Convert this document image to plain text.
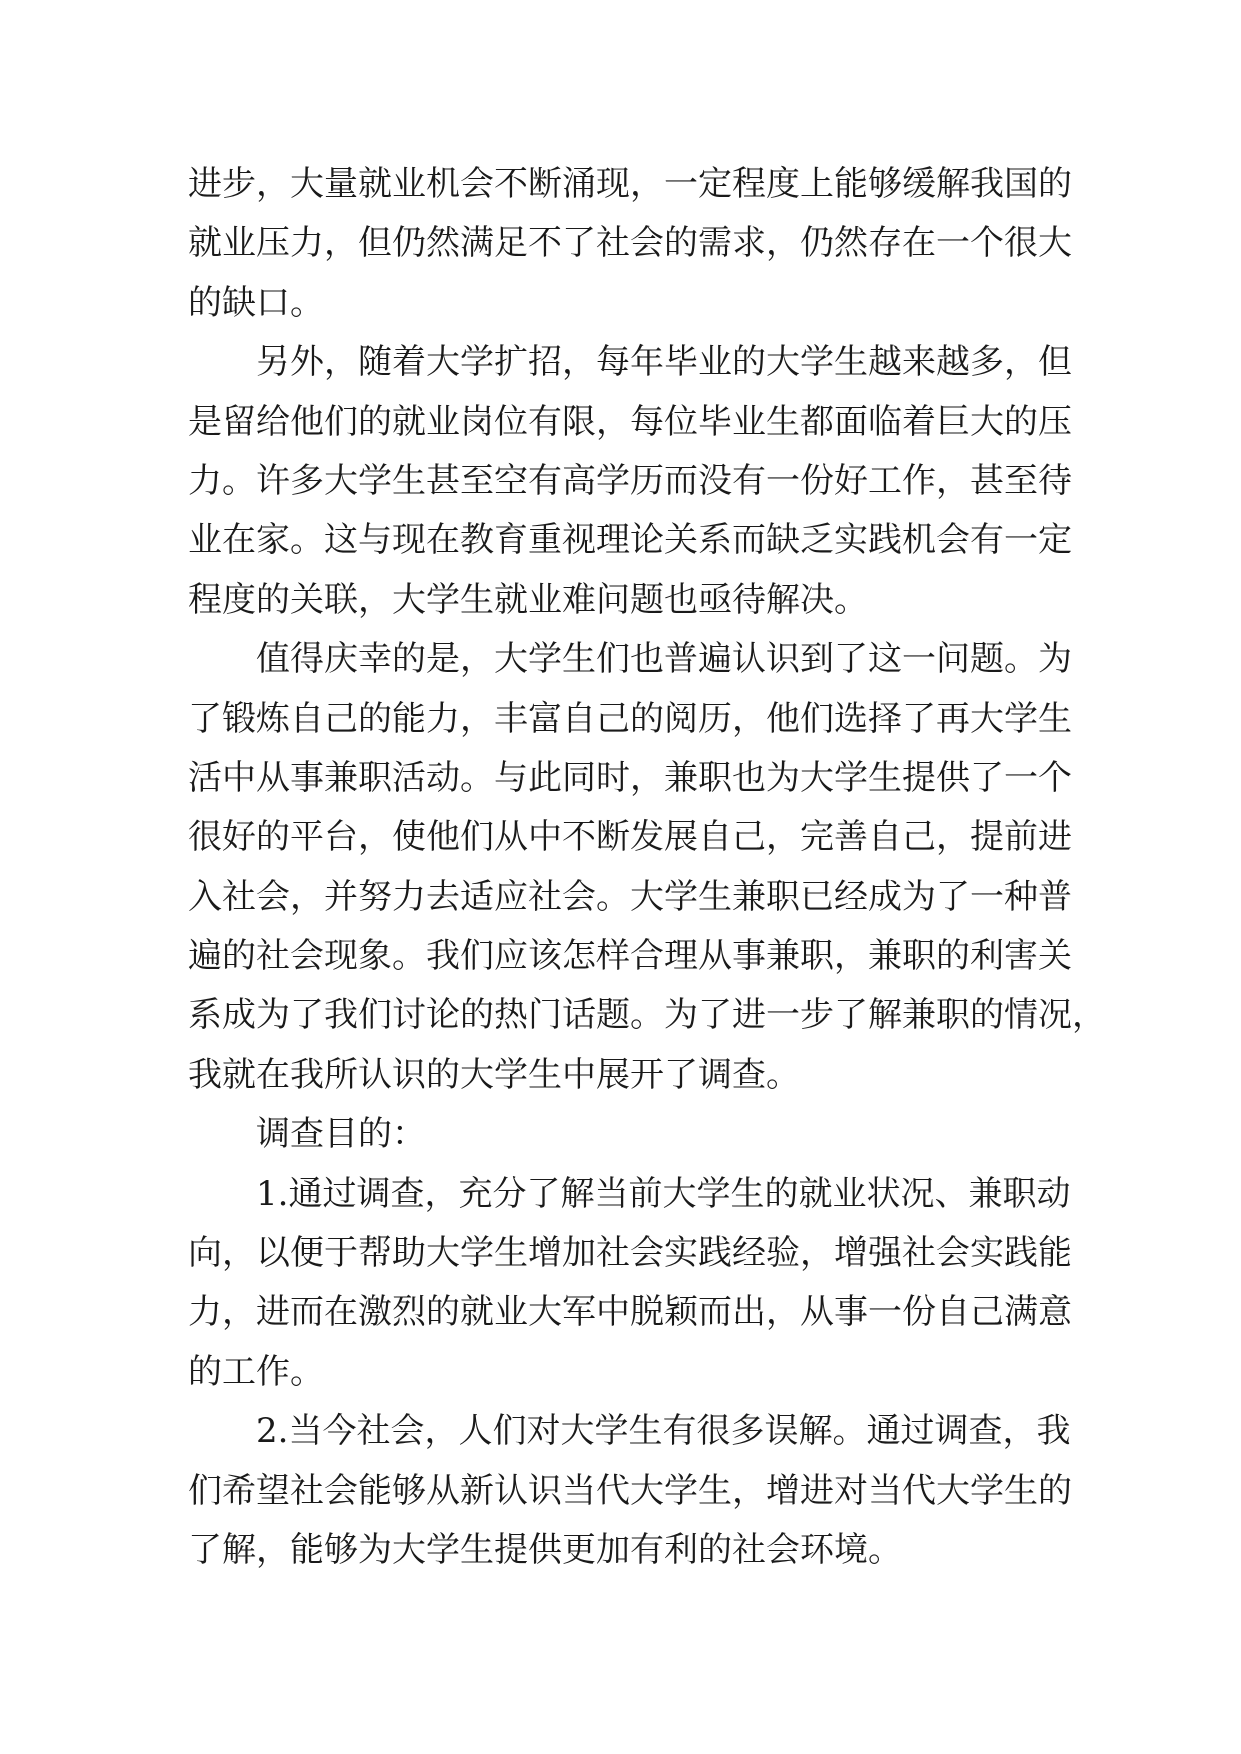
进步，大量就业机会不断涌现，一定程度上能够缓解我国的
就业压力，但仍然满足不了社会的需求，仍然存在一个很大
的缺口。
另外，随着大学扩招，每年毕业的大学生越来越多，但
是留给他们的就业岗位有限，每位毕业生都面临着巨大的压
力。许多大学生甚至空有高学历而没有一份好工作，甚至待
业在家。这与现在教育重视理论关系而缺乏实践机会有一定
程度的关联，大学生就业难问题也亟待解决。
值得庆幸的是，大学生们也普遍认识到了这一问题。为
了锻炼自己的能力，丰富自己的阅历，他们选择了再大学生
活中从事兼职活动。与此同时，兼职也为大学生提供了一个
很好的平台，使他们从中不断发展自己，完善自己，提前进
入社会，并努力去适应社会。大学生兼职已经成为了一种普
遍的社会现象。我们应该怎样合理从事兼职，兼职的利害关
系成为了我们讨论的热门话题。为了进一步了解兼职的情况，
我就在我所认识的大学生中展开了调查。
调查目的：
1.通过调查，充分了解当前大学生的就业状况、兼职动
向，以便于帮助大学生增加社会实践经验，增强社会实践能
力，进而在激烈的就业大军中脱颖而出，从事一份自己满意
的工作。
2.当今社会，人们对大学生有很多误解。通过调查，我
们希望社会能够从新认识当代大学生，增进对当代大学生的
了解，能够为大学生提供更加有利的社会环境。
